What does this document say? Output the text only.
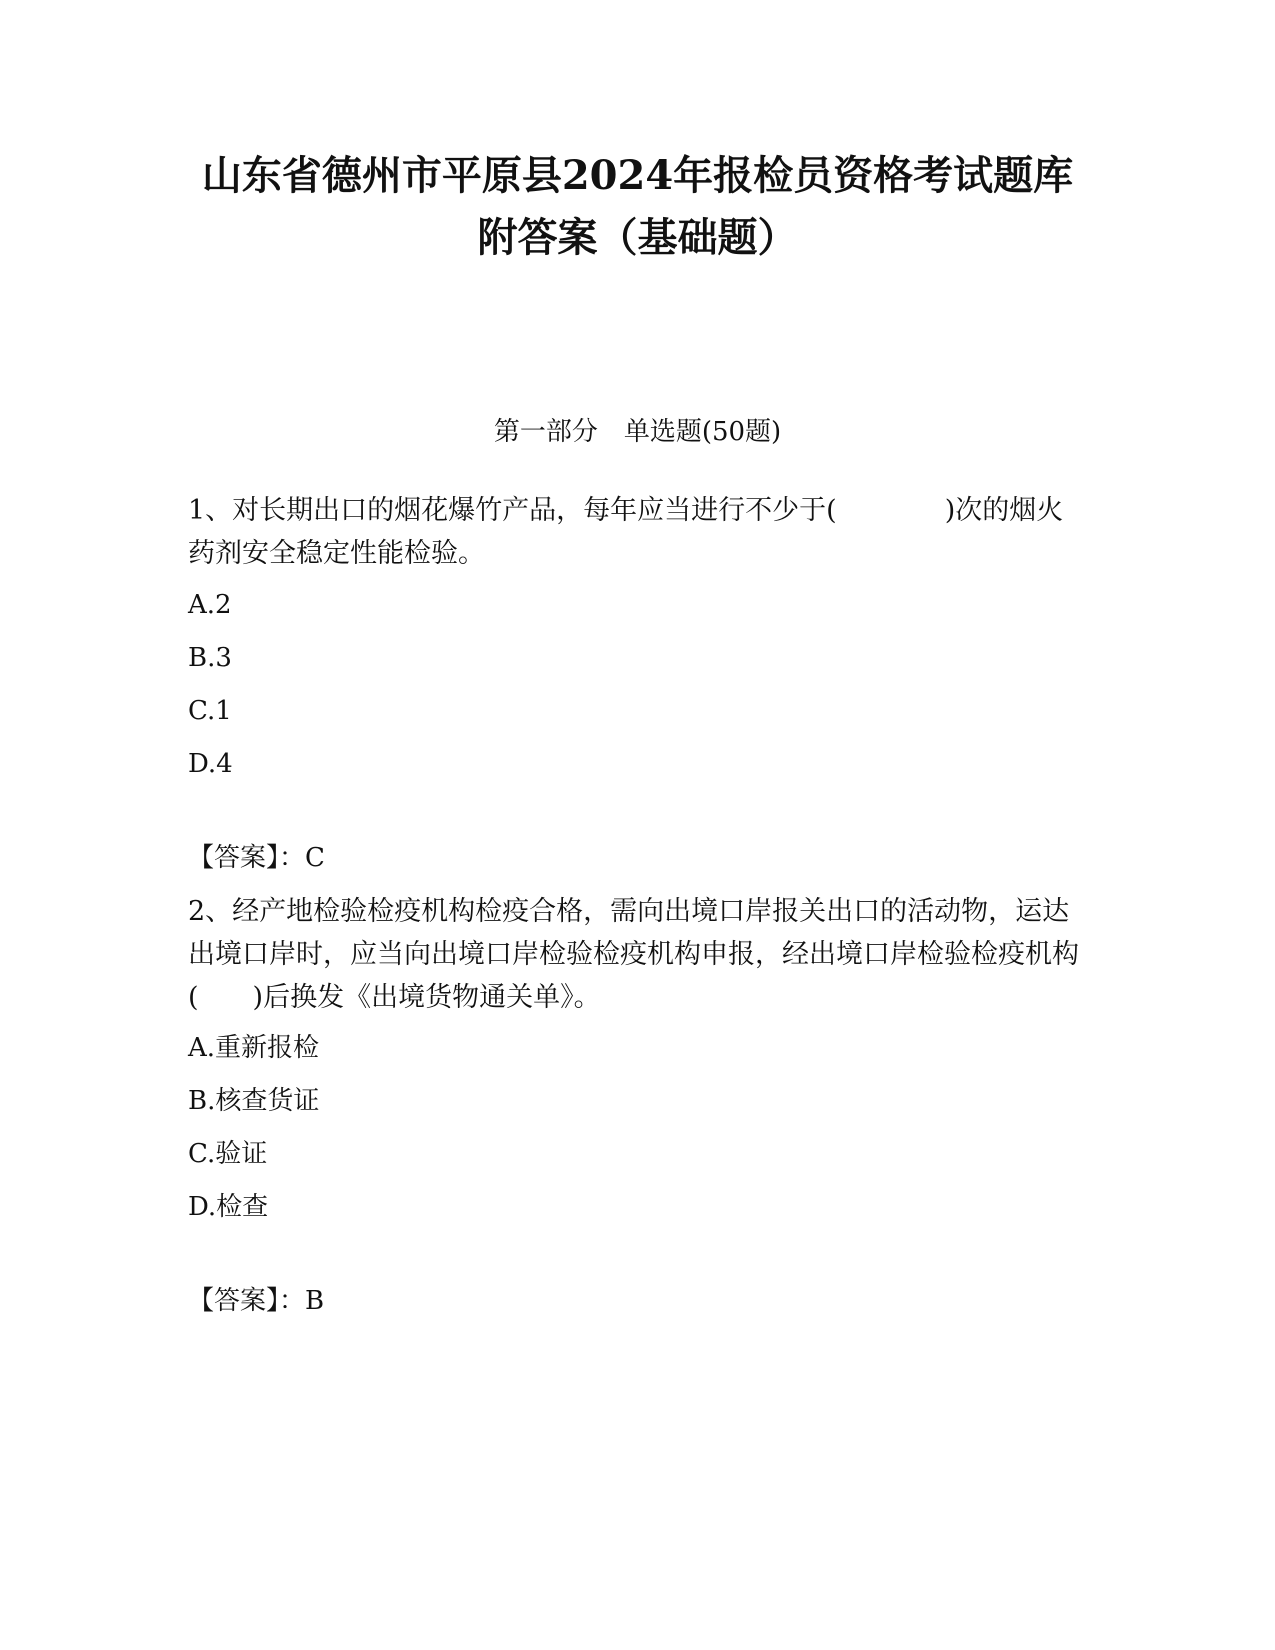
山东省德州市平原县2024年报检员资格考试题库
附答案（基础题）

第一部分　单选题(50题)

1、对长期出口的烟花爆竹产品，每年应当进行不少于(　　　　)次的烟火药剂安全稳定性能检验。

A.2
B.3
C.1
D.4
【答案】：C

2、经产地检验检疫机构检疫合格，需向出境口岸报关出口的活动物，运达出境口岸时，应当向出境口岸检验检疫机构申报，经出境口岸检验检疫机构(　　)后换发《出境货物通关单》。

A.重新报检
B.核查货证
C.验证
D.检查
【答案】：B
